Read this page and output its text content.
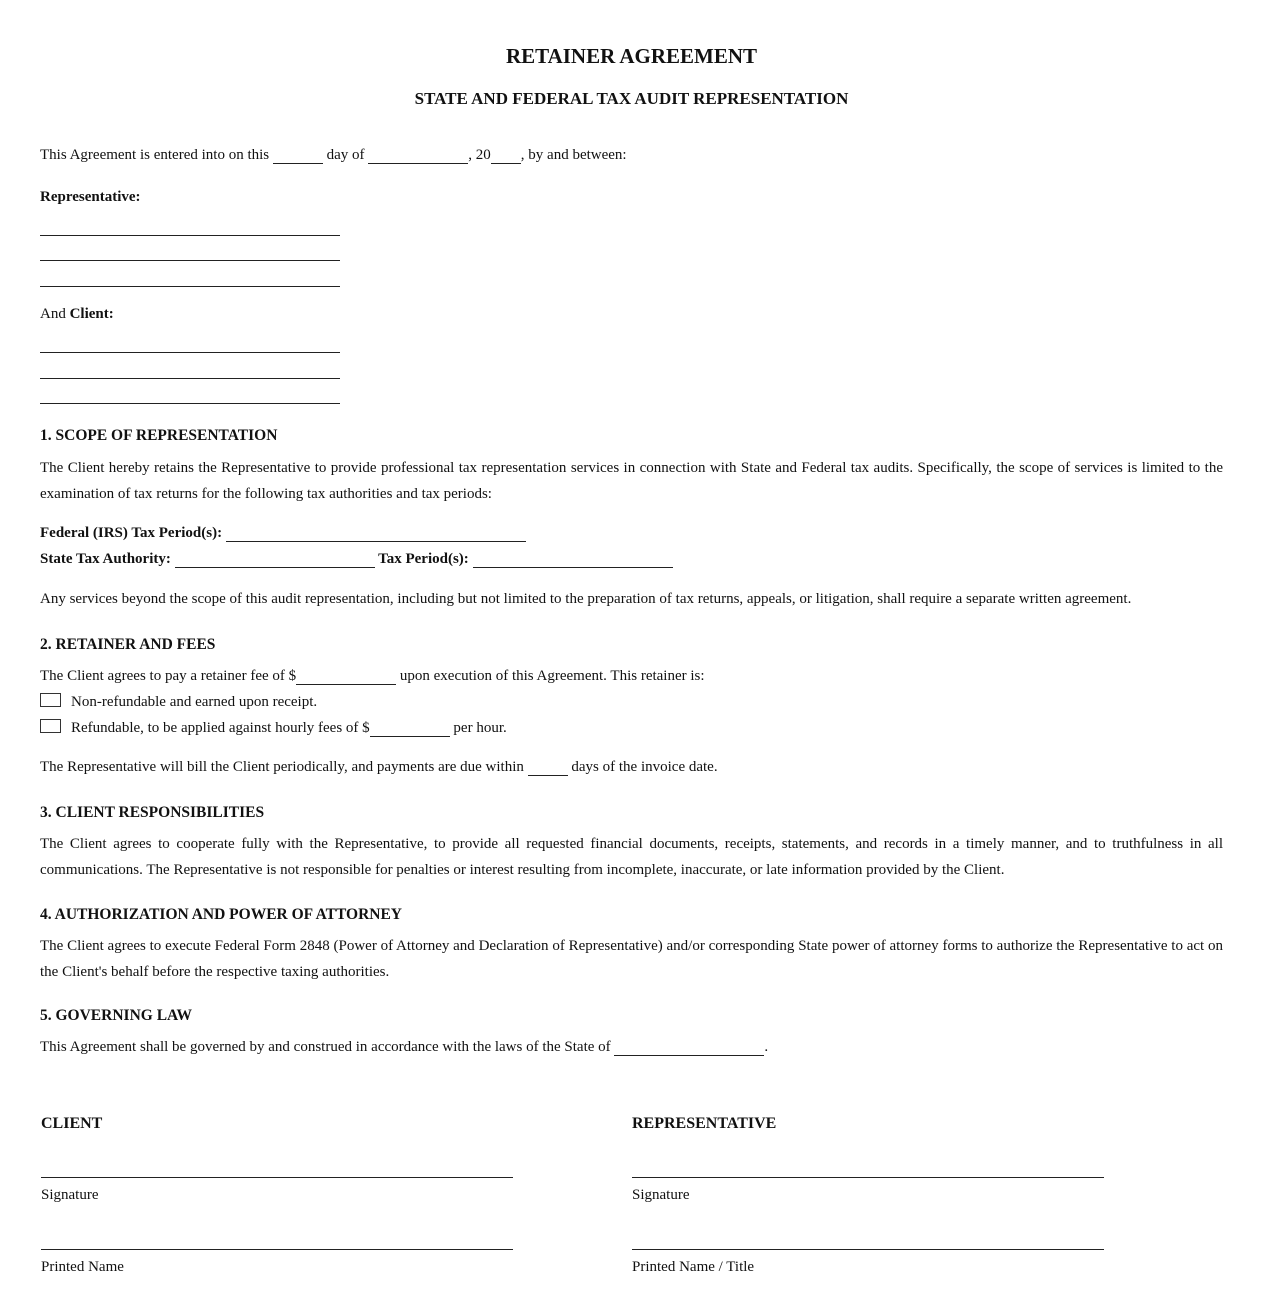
RETAINER AGREEMENT
STATE AND FEDERAL TAX AUDIT REPRESENTATION
This Agreement is entered into on this	day of	, 20 , by and between:
Representative:
And Client:
1. SCOPE OF REPRESENTATION
The Client hereby retains the Representative to provide professional tax representation services in connection with State and Federal tax audits. Specifically, the scope of services is limited to the examination of tax returns for the following tax authorities and tax periods:
Federal (IRS) Tax Period(s):
State Tax Authority:	Tax Period(s):
Any services beyond the scope of this audit representation, including but not limited to the preparation of tax returns, appeals, or litigation, shall require a separate written agreement.
2. RETAINER AND FEES
The Client agrees to pay a retainer fee of $	upon execution of this Agreement. This retainer is:
Non-refundable and earned upon receipt.
Refundable, to be applied against hourly fees of $	per hour.
The Representative will bill the Client periodically, and payments are due within	days of the invoice date.
3. CLIENT RESPONSIBILITIES
The Client agrees to cooperate fully with the Representative, to provide all requested financial documents, receipts, statements, and records in a timely manner, and to truthfulness in all communications. The Representative is not responsible for penalties or interest resulting from incomplete, inaccurate, or late information provided by the Client.
4. AUTHORIZATION AND POWER OF ATTORNEY
The Client agrees to execute Federal Form 2848 (Power of Attorney and Declaration of Representative) and/or corresponding State power of attorney forms to authorize the Representative to act on the Client's behalf before the respective taxing authorities.
5. GOVERNING LAW
This Agreement shall be governed by and construed in accordance with the laws of the State of	.
CLIENT
Signature
Printed Name
REPRESENTATIVE
Signature
Printed Name / Title
